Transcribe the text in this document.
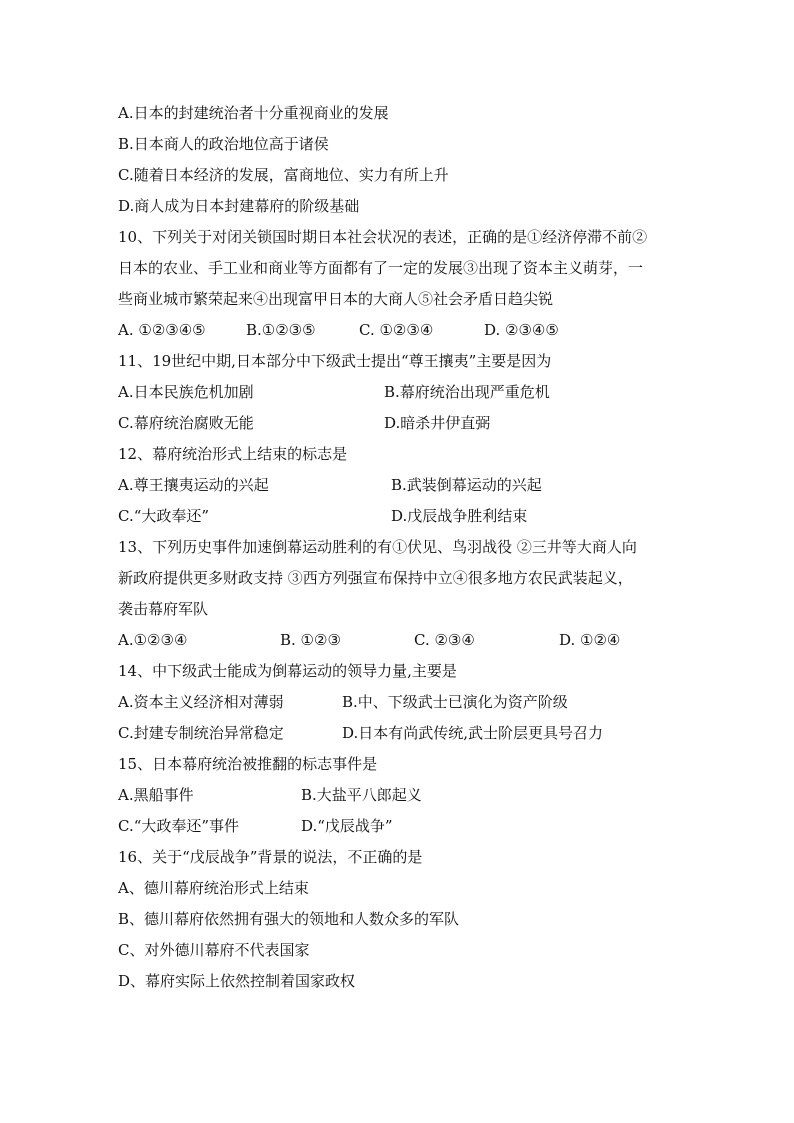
A.日本的封建统治者十分重视商业的发展
B.日本商人的政治地位高于诸侯
C.随着日本经济的发展，富商地位、实力有所上升
D.商人成为日本封建幕府的阶级基础
10、下列关于对闭关锁国时期日本社会状况的表述，正确的是①经济停滞不前②
日本的农业、手工业和商业等方面都有了一定的发展③出现了资本主义萌芽，一
些商业城市繁荣起来④出现富甲日本的大商人⑤社会矛盾日趋尖锐
A. ①②③④⑤	B.①②③⑤	C. ①②③④	D. ②③④⑤
11、19世纪中期,日本部分中下级武士提出“尊王攘夷”主要是因为
A.日本民族危机加剧	B.幕府统治出现严重危机
C.幕府统治腐败无能	D.暗杀井伊直弼
12、幕府统治形式上结束的标志是
A.尊王攘夷运动的兴起	B.武装倒幕运动的兴起
C.“大政奉还”	D.戊辰战争胜利结束
13、下列历史事件加速倒幕运动胜利的有①伏见、鸟羽战役 ②三井等大商人向
新政府提供更多财政支持 ③西方列强宣布保持中立④很多地方农民武装起义，
袭击幕府军队
A.①②③④	B. ①②③	C. ②③④	D. ①②④
14、中下级武士能成为倒幕运动的领导力量,主要是
A.资本主义经济相对薄弱	B.中、下级武士已演化为资产阶级
C.封建专制统治异常稳定	D.日本有尚武传统,武士阶层更具号召力
15、日本幕府统治被推翻的标志事件是
A.黑船事件	B.大盐平八郎起义
C.“大政奉还”事件	D.“戊辰战争”
16、关于“戊辰战争”背景的说法，不正确的是
A、德川幕府统治形式上结束
B、德川幕府依然拥有强大的领地和人数众多的军队
C、对外德川幕府不代表国家
D、幕府实际上依然控制着国家政权
